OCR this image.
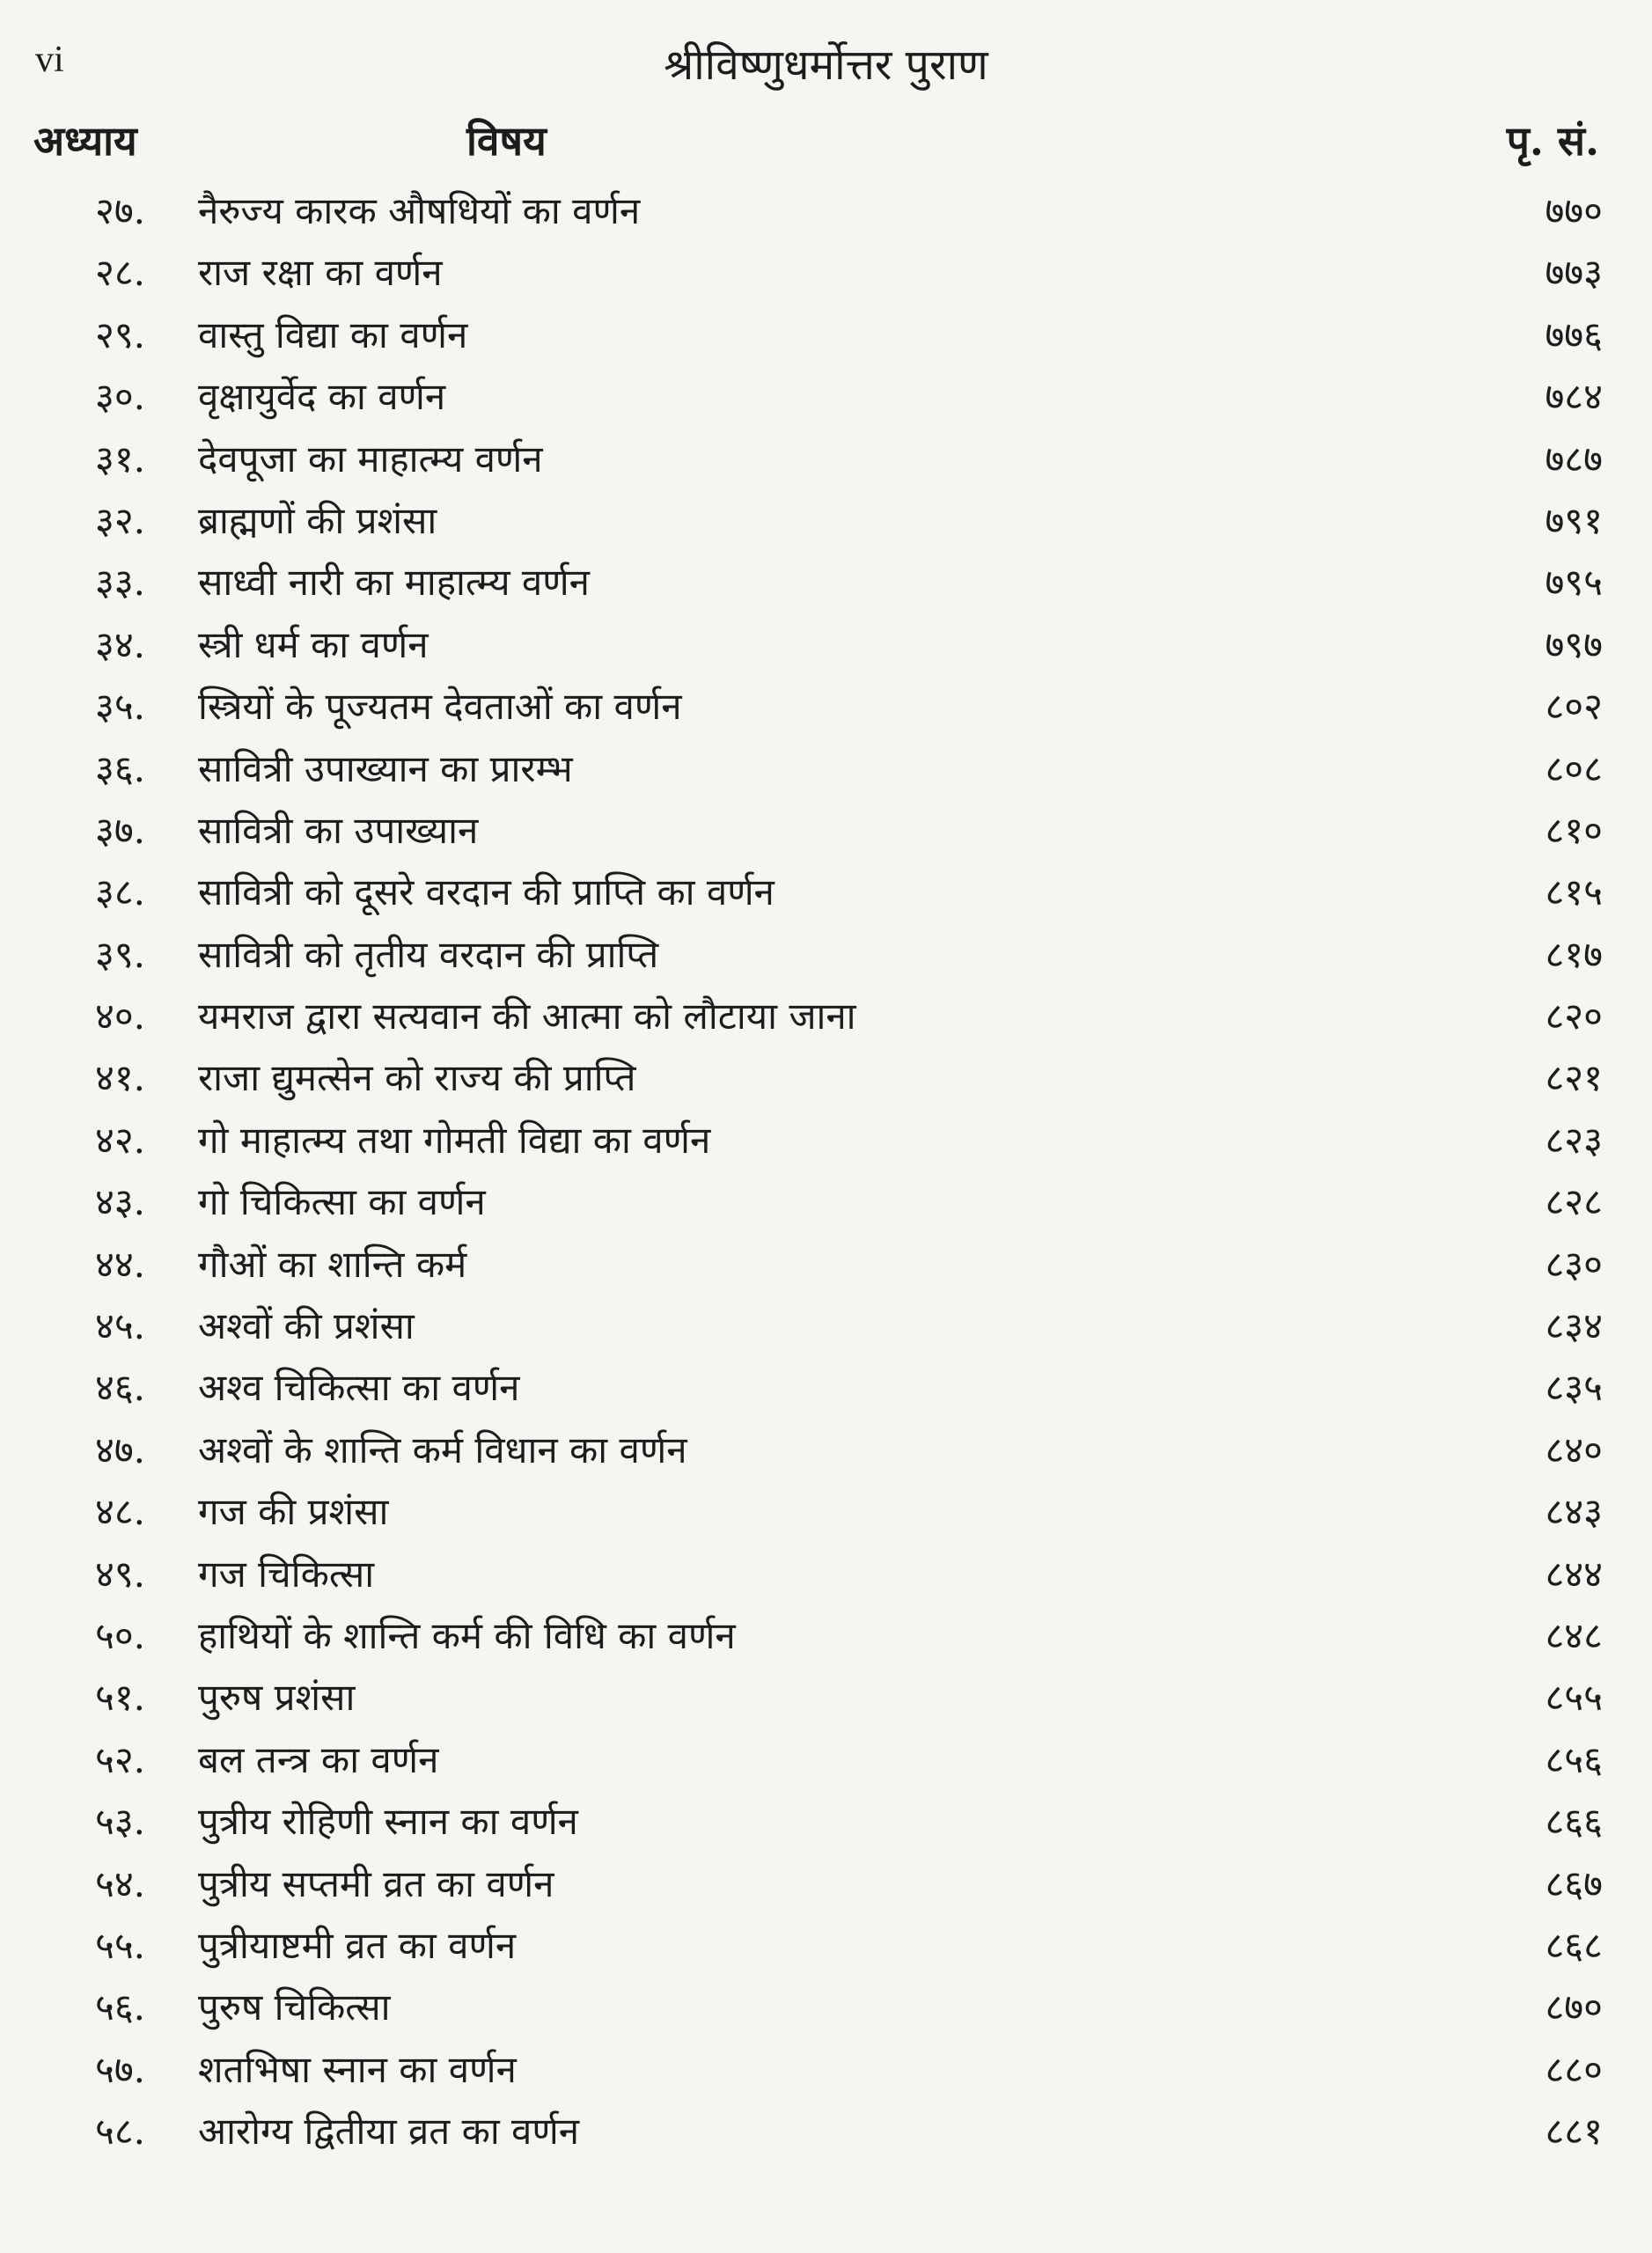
vi	श्रीविष्णुधर्मोत्तर पुराण
अध्याय	विषय	पृ. सं.
२७. नैरुज्य कारक औषधियों का वर्णन	७७०
२८. राज रक्षा का वर्णन	७७३
२९. वास्तु विद्या का वर्णन	७७६
३०. वृक्षायुर्वेद का वर्णन	७८४
३१. देवपूजा का माहात्म्य वर्णन	७८७
३२. ब्राह्मणों की प्रशंसा	७९१
३३. साध्वी नारी का माहात्म्य वर्णन	७९५
३४. स्त्री धर्म का वर्णन	७९७
३५. स्त्रियों के पूज्यतम देवताओं का वर्णन	८०२
३६. सावित्री उपाख्यान का प्रारम्भ	८०८
३७. सावित्री का उपाख्यान	८१०
३८. सावित्री को दूसरे वरदान की प्राप्ति का वर्णन	८१५
३९. सावित्री को तृतीय वरदान की प्राप्ति	८१७
४०. यमराज द्वारा सत्यवान की आत्मा को लौटाया जाना	८२०
४१. राजा द्युमत्सेन को राज्य की प्राप्ति	८२१
४२. गो माहात्म्य तथा गोमती विद्या का वर्णन	८२३
४३. गो चिकित्सा का वर्णन	८२८
४४. गौओं का शान्ति कर्म	८३०
४५. अश्वों की प्रशंसा	८३४
४६. अश्व चिकित्सा का वर्णन	८३५
४७. अश्वों के शान्ति कर्म विधान का वर्णन	८४०
४८. गज की प्रशंसा	८४३
४९. गज चिकित्सा	८४४
५०. हाथियों के शान्ति कर्म की विधि का वर्णन	८४८
५१. पुरुष प्रशंसा	८५५
५२. बल तन्त्र का वर्णन	८५६
५३. पुत्रीय रोहिणी स्नान का वर्णन	८६६
५४. पुत्रीय सप्तमी व्रत का वर्णन	८६७
५५. पुत्रीयाष्टमी व्रत का वर्णन	८६८
५६. पुरुष चिकित्सा	८७०
५७. शतभिषा स्नान का वर्णन	८८०
५८. आरोग्य द्वितीया व्रत का वर्णन	८८१
